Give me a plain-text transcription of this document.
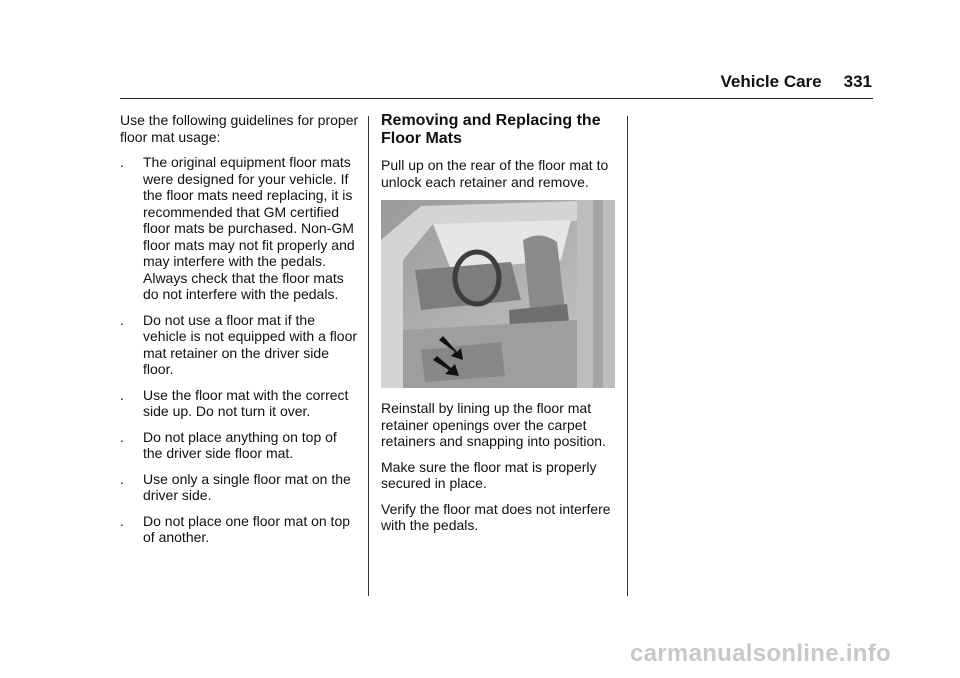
Vehicle Care 331

Use the following guidelines for proper floor mat usage:

.	The original equipment floor mats were designed for your vehicle. If the floor mats need replacing, it is recommended that GM certified floor mats be purchased. Non-GM floor mats may not fit properly and may interfere with the pedals. Always check that the floor mats do not interfere with the pedals.
.	Do not use a floor mat if the vehicle is not equipped with a floor mat retainer on the driver side floor.
.	Use the floor mat with the correct side up. Do not turn it over.
.	Do not place anything on top of the driver side floor mat.
.	Use only a single floor mat on the driver side.
.	Do not place one floor mat on top of another.
Removing and Replacing the Floor Mats

Pull up on the rear of the floor mat to unlock each retainer and remove.

Reinstall by lining up the floor mat retainer openings over the carpet retainers and snapping into position.

Make sure the floor mat is properly secured in place.

Verify the floor mat does not interfere with the pedals.

carmanualsonline.info
